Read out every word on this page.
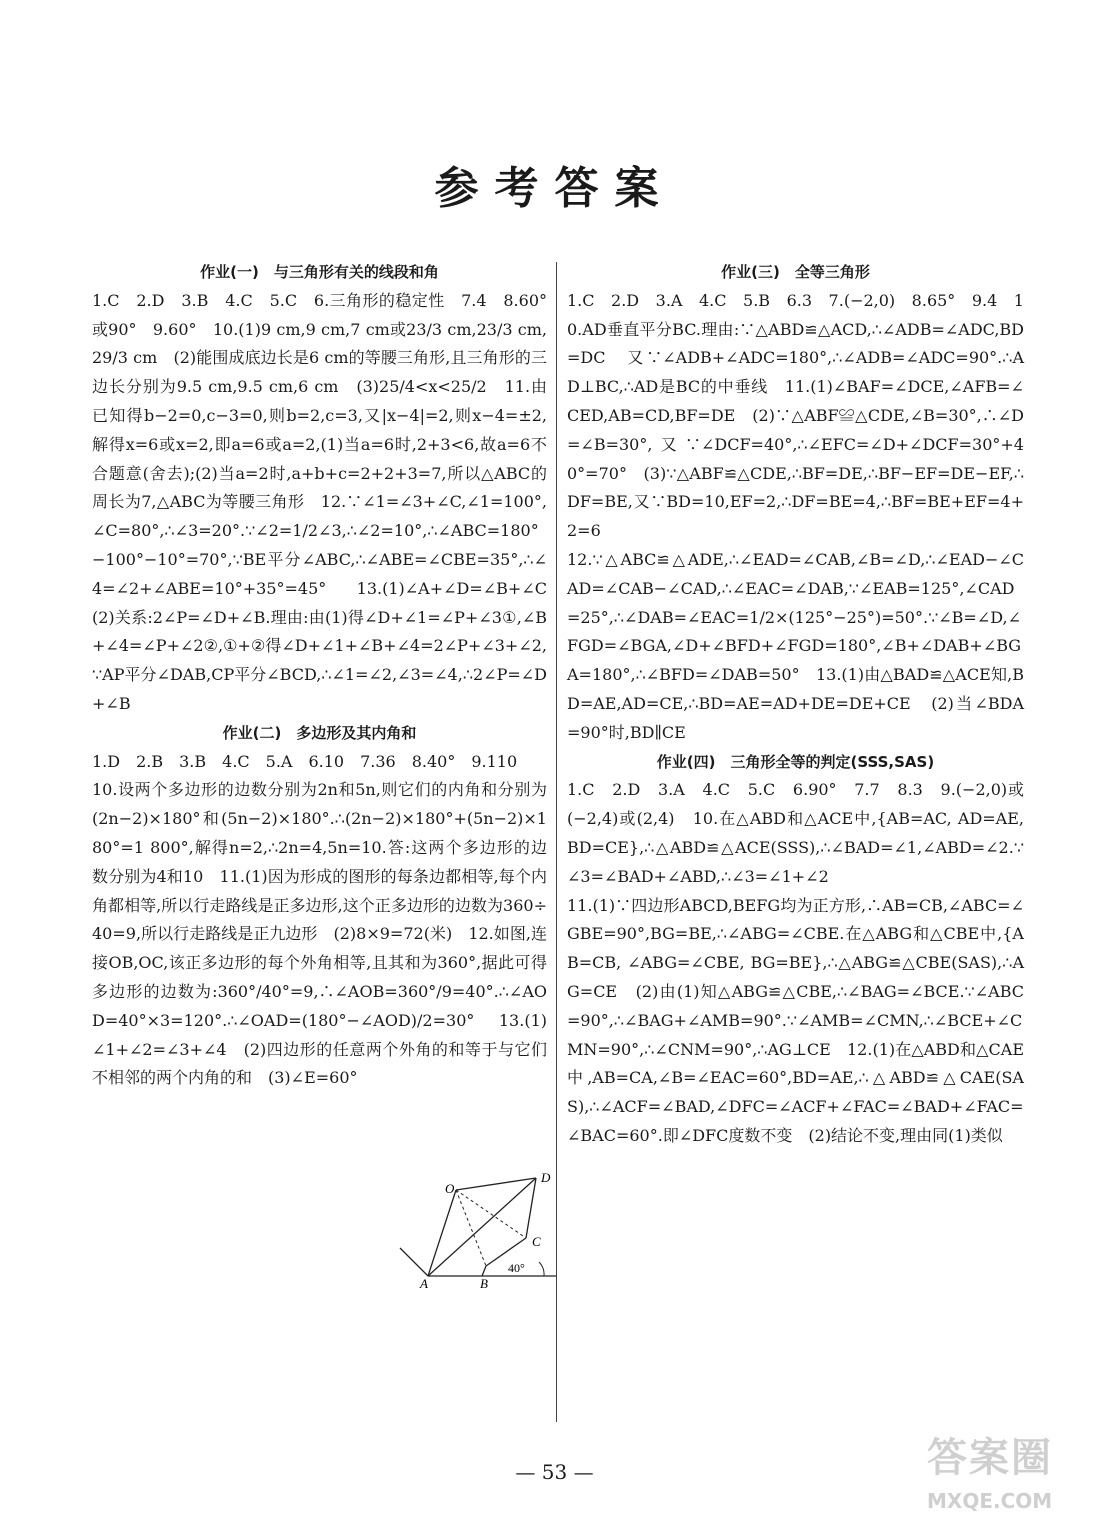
参考答案

作业(一)　与三角形有关的线段和角

1.C　2.D　3.B　4.C　5.C　6.三角形的稳定性　7.4　8.60°或90°　9.60°　10.(1)9 cm,9 cm,7 cm或23/3 cm,23/3 cm,29/3 cm　(2)能围成底边长是6 cm的等腰三角形,且三角形的三边长分别为9.5 cm,9.5 cm,6 cm　(3)25/4<x<25/2　11.由已知得b−2=0,c−3=0,则b=2,c=3,又|x−4|=2,则x−4=±2,解得x=6或x=2,即a=6或a=2,(1)当a=6时,2+3<6,故a=6不合题意(舍去);(2)当a=2时,a+b+c=2+2+3=7,所以△ABC的周长为7,△ABC为等腰三角形　12.∵∠1=∠3+∠C,∠1=100°,∠C=80°,∴∠3=20°.∵∠2=1/2∠3,∴∠2=10°,∴∠ABC=180°−100°−10°=70°,∵BE平分∠ABC,∴∠ABE=∠CBE=35°,∴∠4=∠2+∠ABE=10°+35°=45°　13.(1)∠A+∠D=∠B+∠C　(2)关系:2∠P=∠D+∠B.理由:由(1)得∠D+∠1=∠P+∠3①,∠B+∠4=∠P+∠2②,①+②得∠D+∠1+∠B+∠4=2∠P+∠3+∠2,∵AP平分∠DAB,CP平分∠BCD,∴∠1=∠2,∠3=∠4,∴2∠P=∠D+∠B

作业(二)　多边形及其内角和

1.D　2.B　3.B　4.C　5.A　6.10　7.36　8.40°　9.110

10.设两个多边形的边数分别为2n和5n,则它们的内角和分别为(2n−2)×180°和(5n−2)×180°.∴(2n−2)×180°+(5n−2)×180°=1 800°,解得n=2,∴2n=4,5n=10.答:这两个多边形的边数分别为4和10　11.(1)因为形成的图形的每条边都相等,每个内角都相等,所以行走路线是正多边形,这个正多边形的边数为360÷40=9,所以行走路线是正九边形　(2)8×9=72(米)　12.如图,连接OB,OC,该正多边形的每个外角相等,且其和为360°,据此可得多边形的边数为:360°/40°=9,∴∠AOB=360°/9=40°.∴∠AOD=40°×3=120°.∴∠OAD=(180°−∠AOD)/2=30°　13.(1)∠1+∠2=∠3+∠4　(2)四边形的任意两个外角的和等于与它们不相邻的两个内角的和　(3)∠E=60°

O
D
C
A	B
40°

作业(三)　全等三角形

1.C　2.D　3.A　4.C　5.B　6.3　7.(−2,0)　8.65°　9.4　10.AD垂直平分BC.理由:∵△ABD≌△ACD,∴∠ADB=∠ADC,BD=DC　又∵∠ADB+∠ADC=180°,∴∠ADB=∠ADC=90°.∴AD⊥BC,∴AD是BC的中垂线　11.(1)∠BAF=∠DCE,∠AFB=∠CED,AB=CD,BF=DE　(2)∵△ABF≌△CDE,∠B=30°,∴∠D=∠B=30°,又∵∠DCF=40°,∴∠EFC=∠D+∠DCF=30°+40°=70°　(3)∵△ABF≌△CDE,∴BF=DE,∴BF−EF=DE−EF,∴DF=BE,又∵BD=10,EF=2,∴DF=BE=4,∴BF=BE+EF=4+2=6

12.∵△ABC≌△ADE,∴∠EAD=∠CAB,∠B=∠D,∴∠EAD−∠CAD=∠CAB−∠CAD,∴∠EAC=∠DAB,∵∠EAB=125°,∠CAD=25°,∴∠DAB=∠EAC=1/2×(125°−25°)=50°.∵∠B=∠D,∠FGD=∠BGA,∠D+∠BFD+∠FGD=180°,∠B+∠DAB+∠BGA=180°,∴∠BFD=∠DAB=50°　13.(1)由△BAD≌△ACE知,BD=AE,AD=CE,∴BD=AE=AD+DE=DE+CE　(2)当∠BDA=90°时,BD∥CE

作业(四)　三角形全等的判定(SSS,SAS)

1.C　2.D　3.A　4.C　5.C　6.90°　7.7　8.3　9.(−2,0)或(−2,4)或(2,4)　10.在△ABD和△ACE中,{AB=AC, AD=AE, BD=CE},∴△ABD≌△ACE(SSS),∴∠BAD=∠1,∠ABD=∠2.∵∠3=∠BAD+∠ABD,∴∠3=∠1+∠2

11.(1)∵四边形ABCD,BEFG均为正方形,∴AB=CB,∠ABC=∠GBE=90°,BG=BE,∴∠ABG=∠CBE.在△ABG和△CBE中,{AB=CB, ∠ABG=∠CBE, BG=BE},∴△ABG≌△CBE(SAS),∴AG=CE　(2)由(1)知△ABG≌△CBE,∴∠BAG=∠BCE.∵∠ABC=90°,∴∠BAG+∠AMB=90°.∵∠AMB=∠CMN,∴∠BCE+∠CMN=90°,∴∠CNM=90°,∴AG⊥CE　12.(1)在△ABD和△CAE中,AB=CA,∠B=∠EAC=60°,BD=AE,∴△ABD≌△CAE(SAS),∴∠ACF=∠BAD,∠DFC=∠ACF+∠FAC=∠BAD+∠FAC=∠BAC=60°.即∠DFC度数不变　(2)结论不变,理由同(1)类似

— 53 —	答案圈
MXQE.COM
